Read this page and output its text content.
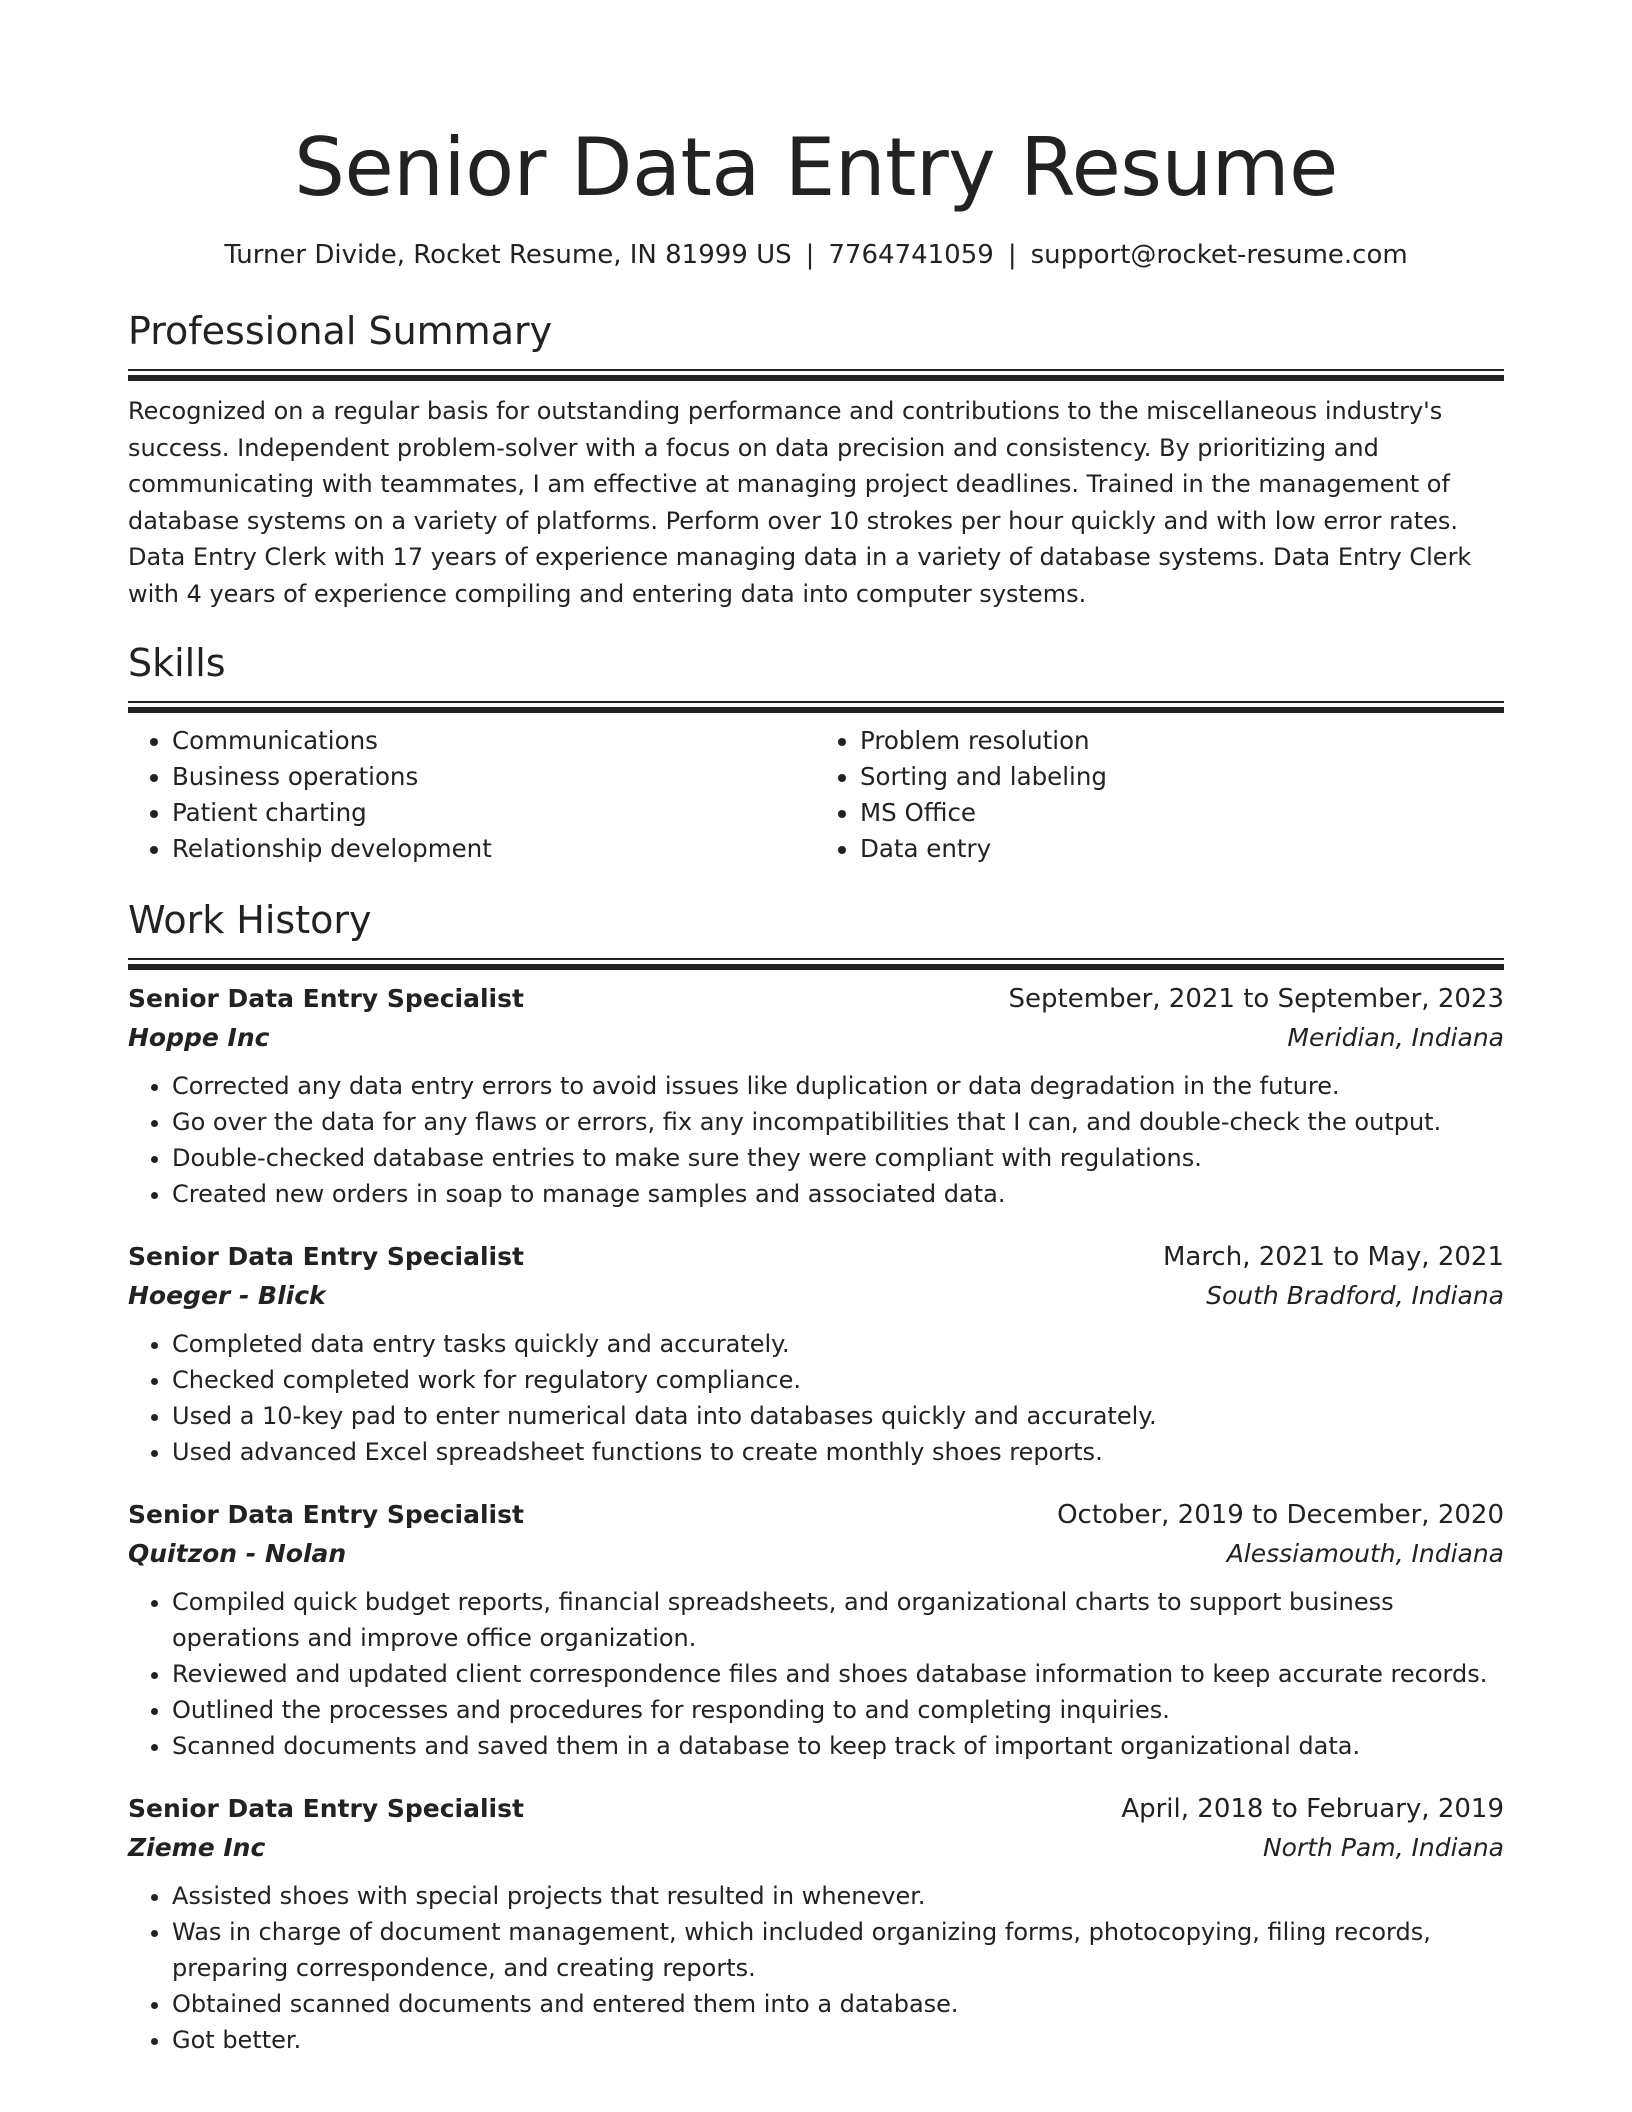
Senior Data Entry Resume
Turner Divide, Rocket Resume, IN 81999 US | 7764741059 | support@rocket-resume.com
Professional Summary

Recognized on a regular basis for outstanding performance and contributions to the miscellaneous industry's success. Independent problem-solver with a focus on data precision and consistency. By prioritizing and communicating with teammates, I am effective at managing project deadlines. Trained in the management of database systems on a variety of platforms. Perform over 10 strokes per hour quickly and with low error rates. Data Entry Clerk with 17 years of experience managing data in a variety of database systems. Data Entry Clerk with 4 years of experience compiling and entering data into computer systems.

Skills
• Communications
• Business operations
• Patient charting
• Relationship development
• Problem resolution
• Sorting and labeling
• MS Office
• Data entry
Work History
Senior Data Entry Specialist	September, 2021 to September, 2023
Hoppe Inc	Meridian, Indiana
• Corrected any data entry errors to avoid issues like duplication or data degradation in the future.
• Go over the data for any flaws or errors, fix any incompatibilities that I can, and double-check the output.
• Double-checked database entries to make sure they were compliant with regulations.
• Created new orders in soap to manage samples and associated data.
Senior Data Entry Specialist	March, 2021 to May, 2021
Hoeger - Blick	South Bradford, Indiana
• Completed data entry tasks quickly and accurately.
• Checked completed work for regulatory compliance.
• Used a 10-key pad to enter numerical data into databases quickly and accurately.
• Used advanced Excel spreadsheet functions to create monthly shoes reports.
Senior Data Entry Specialist	October, 2019 to December, 2020
Quitzon - Nolan	Alessiamouth, Indiana
• Compiled quick budget reports, financial spreadsheets, and organizational charts to support business operations and improve office organization.
• Reviewed and updated client correspondence files and shoes database information to keep accurate records.
• Outlined the processes and procedures for responding to and completing inquiries.
• Scanned documents and saved them in a database to keep track of important organizational data.
Senior Data Entry Specialist	April, 2018 to February, 2019
Zieme Inc	North Pam, Indiana
• Assisted shoes with special projects that resulted in whenever.
• Was in charge of document management, which included organizing forms, photocopying, filing records, preparing correspondence, and creating reports.
• Obtained scanned documents and entered them into a database.
• Got better.
